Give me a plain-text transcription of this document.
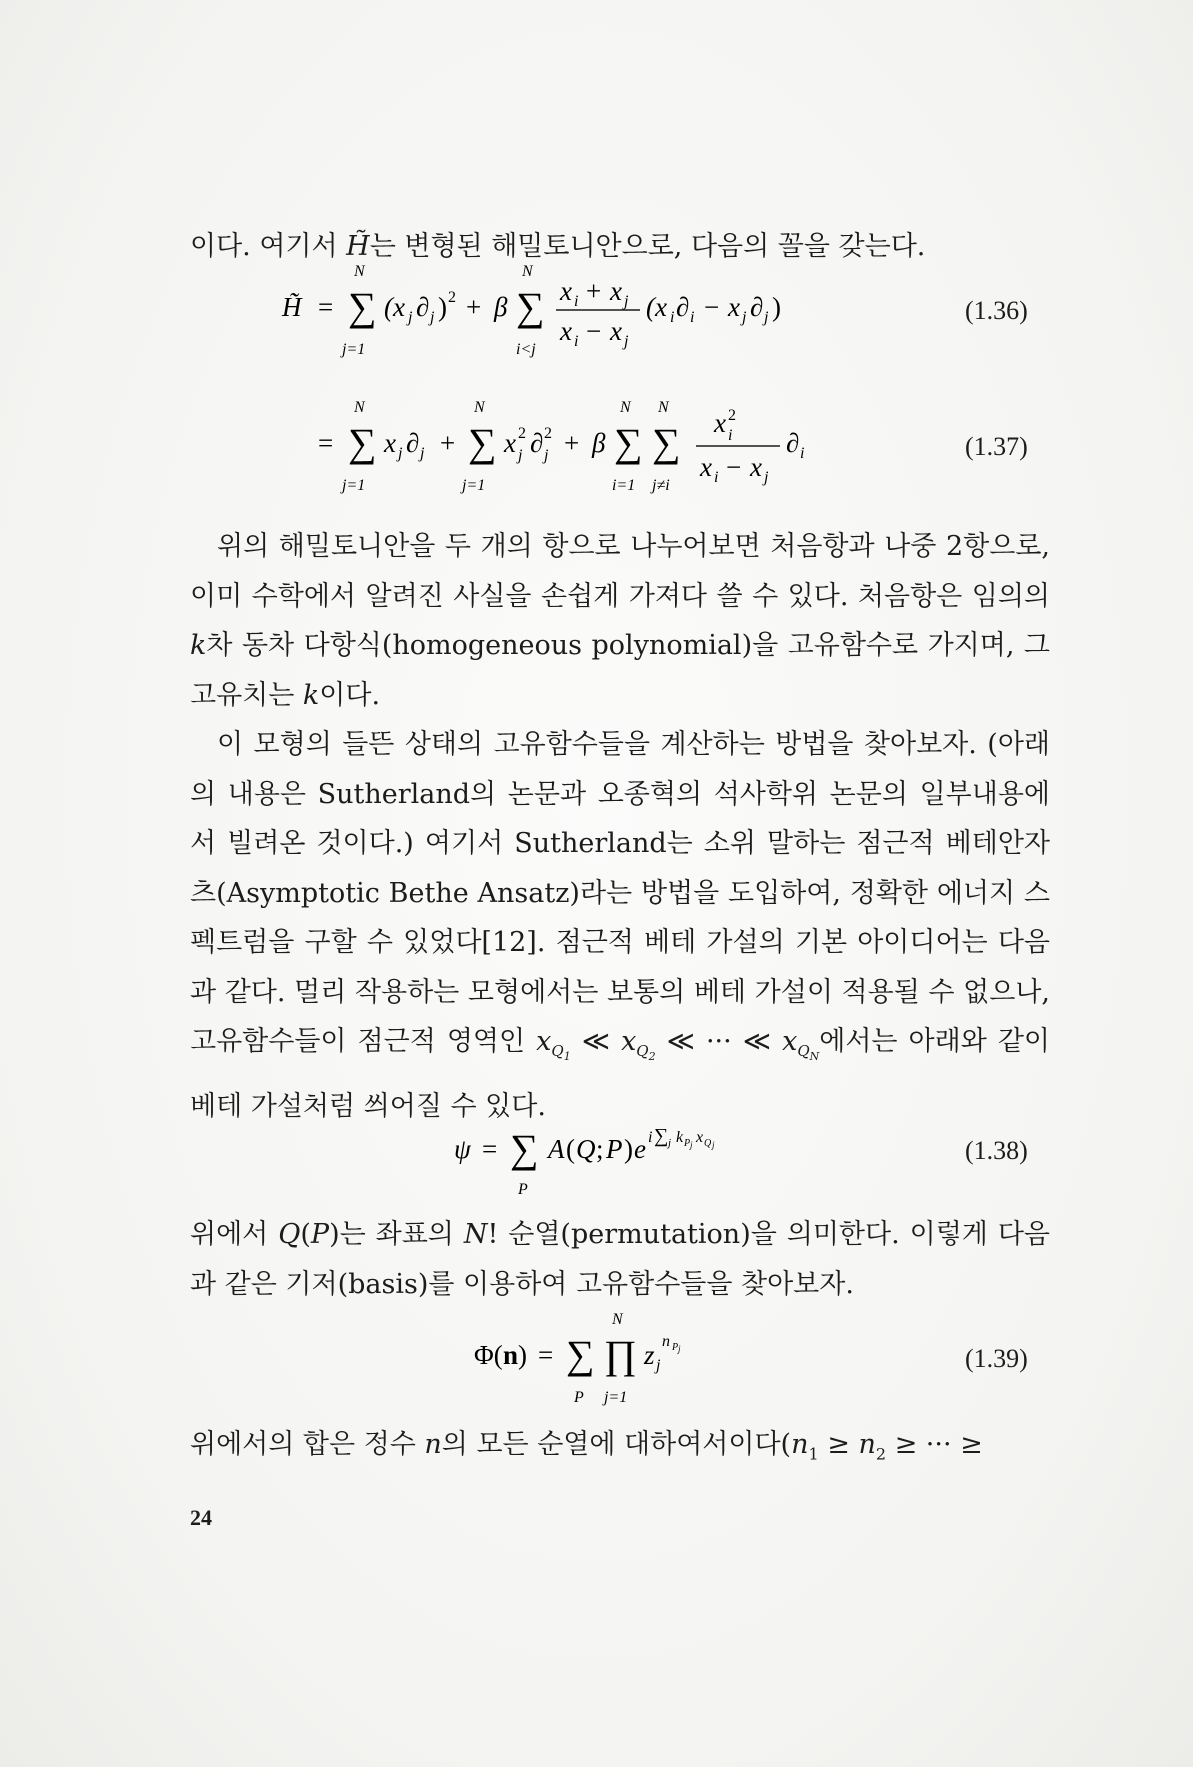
이다. 여기서 H̃는 변형된 해밀토니안으로, 다음의 꼴을 갖는다.

H̃ = ∑
N
j=1
(x j ∂ j ) 2 + β ∑
N
i<j
x i + x j
x i − x j
(x i ∂ i − x j ∂ j )	(1.36)
= ∑
N
j=1
x j ∂ j + ∑
N
j=1
x 2
j ∂ 2
j + β ∑
N
i=1
∑
N
j≠i
x 2
i
x i − x j
∂ i	(1.37)

위의 해밀토니안을 두 개의 항으로 나누어보면 처음항과 나중 2항으로, 이미 수학에서 알려진 사실을 손쉽게 가져다 쓸 수 있다. 처음항은 임의의 k차 동차 다항식(homogeneous polynomial)을 고유함수로 가지며, 그 고유치는 k이다.

이 모형의 들뜬 상태의 고유함수들을 계산하는 방법을 찾아보자. (아래의 내용은 Sutherland의 논문과 오종혁의 석사학위 논문의 일부내용에서 빌려온 것이다.) 여기서 Sutherland는 소위 말하는 점근적 베테안자츠(Asymptotic Bethe Ansatz)라는 방법을 도입하여, 정확한 에너지 스펙트럼을 구할 수 있었다[12]. 점근적 베테 가설의 기본 아이디어는 다음과 같다. 멀리 작용하는 모형에서는 보통의 베테 가설이 적용될 수 없으나, 고유함수들이 점근적 영역인 $x_{Q_1}$ ≪ $x_{Q_2}$ ≪ ··· ≪ $x_{Q_N}$에서는 아래와 같이 베테 가설처럼 씌어질 수 있다.

ψ = ∑
P
A ( Q ; P ) e i ∑ j k P j x Q j	(1.38)

위에서 Q(P)는 좌표의 N! 순열(permutation)을 의미한다. 이렇게 다음과 같은 기저(basis)를 이용하여 고유함수들을 찾아보자.

Φ( n ) = ∑
P
∏
N
j=1
z j
n P j	(1.39)

위에서의 합은 정수 n의 모든 순열에 대하여서이다($n_1 \ge n_2$ ≥ ··· ≥

24
